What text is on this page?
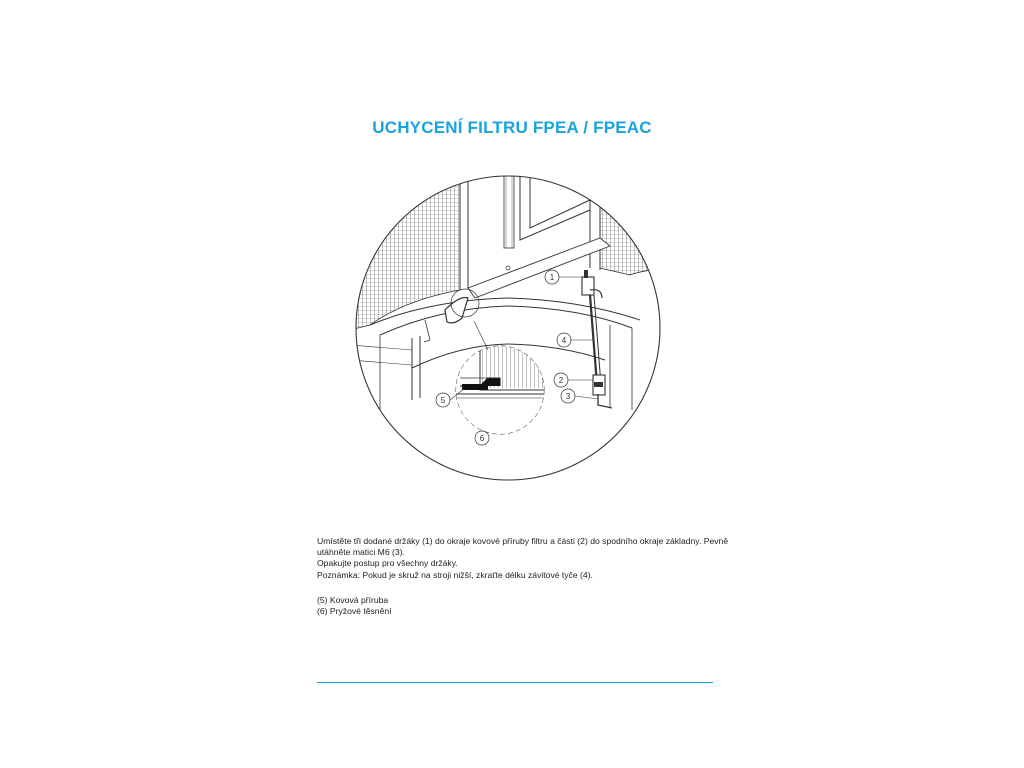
UCHYCENÍ FILTRU FPEA / FPEAC
1
4
2
3
5
6

Umístěte tři dodané držáky (1) do okraje kovové příruby filtru a části (2) do spodního okraje základny. Pevně

utáhněte matici M6 (3).

Opakujte postup pro všechny držáky.

Poznámka: Pokud je skruž na stroji nižší, zkraťte délku závitové tyče (4).

(5) Kovová příruba

(6) Pryžové těsnění
